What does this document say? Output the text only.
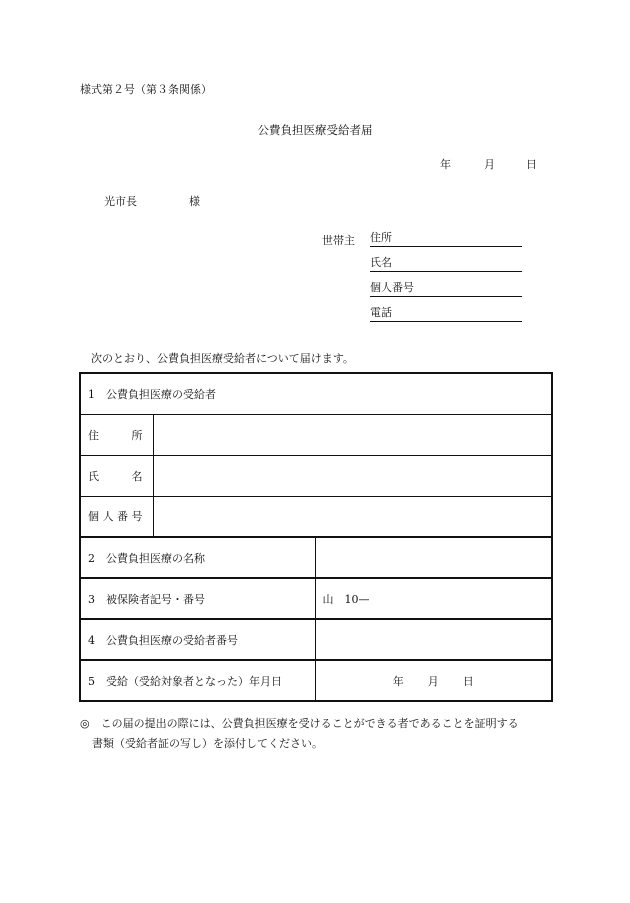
様式第２号（第３条関係）
公費負担医療受給者届
年	月	日
光市長	様
世帯主 住所
氏名
個人番号
電話
次のとおり、公費負担医療受給者について届けます。
1　公費負担医療の受給者		
住　　所		
氏　　名		
個人番号		
2　公費負担医療の名称		
3　被保険者記号・番号		山　10—
4　公費負担医療の受給者番号		
5　受給（受給対象者となった）年月日		年 月 日
◎　 この届の提出の際には、公費負担医療を受けることができる者であることを証明する
書類（受給者証の写し）を添付してください。
